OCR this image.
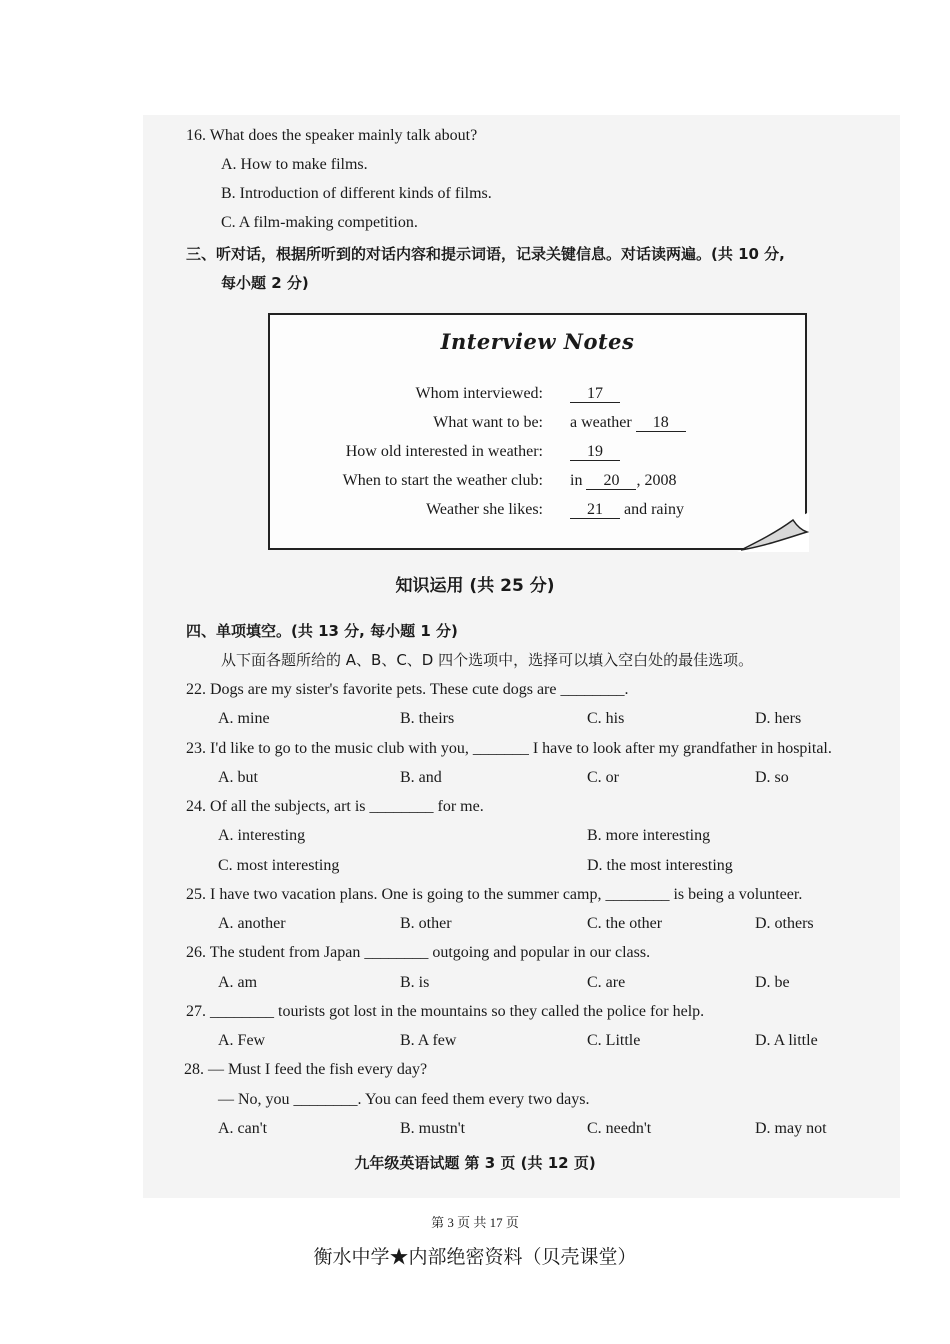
16. What does the speaker mainly talk about?
A. How to make films.
B. Introduction of different kinds of films.
C. A film-making competition.
三、听对话，根据所听到的对话内容和提示词语，记录关键信息。对话读两遍。(共 10 分,
每小题 2 分)
Interview Notes
Whom interviewed:	17
What want to be: a weather 18
How old interested in weather:	19
When to start the weather club: in 20 , 2008
Weather she likes:	21 and rainy
知识运用 (共 25 分)
四、单项填空。(共 13 分, 每小题 1 分)
从下面各题所给的 A、B、C、D 四个选项中，选择可以填入空白处的最佳选项。
22. Dogs are my sister's favorite pets. These cute dogs are ________.
A. mine	B. theirs	C. his	D. hers
23. I'd like to go to the music club with you, _______ I have to look after my grandfather in hospital.
A. but	B. and	C. or	D. so
24. Of all the subjects, art is ________ for me.
A. interesting	B. more interesting
C. most interesting	D. the most interesting
25. I have two vacation plans. One is going to the summer camp, ________ is being a volunteer.
A. another	B. other	C. the other	D. others
26. The student from Japan ________ outgoing and popular in our class.
A. am	B. is	C. are	D. be
27. ________ tourists got lost in the mountains so they called the police for help.
A. Few	B. A few	C. Little	D. A little
28. — Must I feed the fish every day?
— No, you ________. You can feed them every two days.
A. can't	B. mustn't	C. needn't	D. may not
九年级英语试题 第 3 页 (共 12 页)
第 3 页 共 17 页
衡水中学★内部绝密资料（贝壳课堂）
